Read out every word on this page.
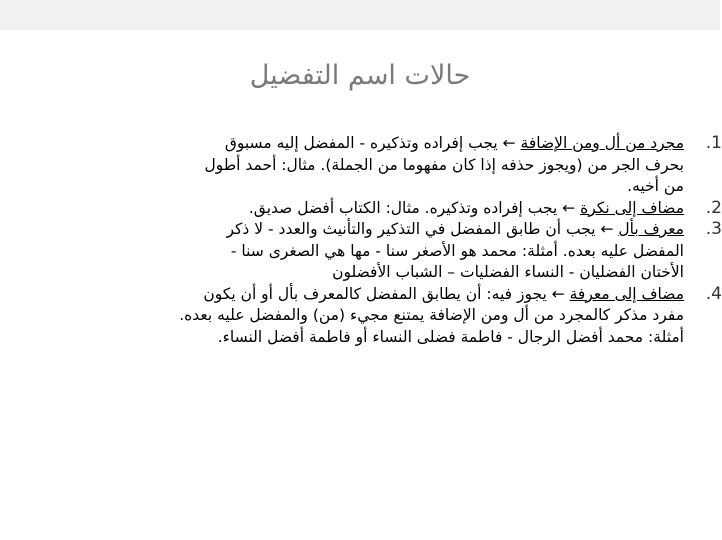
حالات اسم التفضيل
.1
مجرد من أل ومن الإضافة ← يجب إفراده وتذكيره - المفضل إليه مسبوق
بحرف الجر من (ويجوز حذفه إذا كان مفهوما من الجملة). مثال: أحمد أطول
من أخيه.
.2
مضاف إلى نكرة ← يجب إفراده وتذكيره. مثال: الكتاب أفضل صديق.
.3
معرف بأل ← يجب أن طابق المفضل في التذكير والتأنيث والعدد - لا ذكر
المفضل عليه بعده. أمثلة: محمد هو الأصغر سنا - مها هي الصغرى سنا -
الأختان الفضليان - النساء الفضليات – الشباب الأفضلون
.4
مضاف إلى معرفة ← يجوز فيه: أن يطابق المفضل كالمعرف بأل أو أن يكون
مفرد مذكر كالمجرد من أل ومن الإضافة يمتنع مجيء (من) والمفضل عليه بعده.
أمثلة: محمد أفضل الرجال - فاطمة فضلى النساء أو فاطمة أفضل النساء.
